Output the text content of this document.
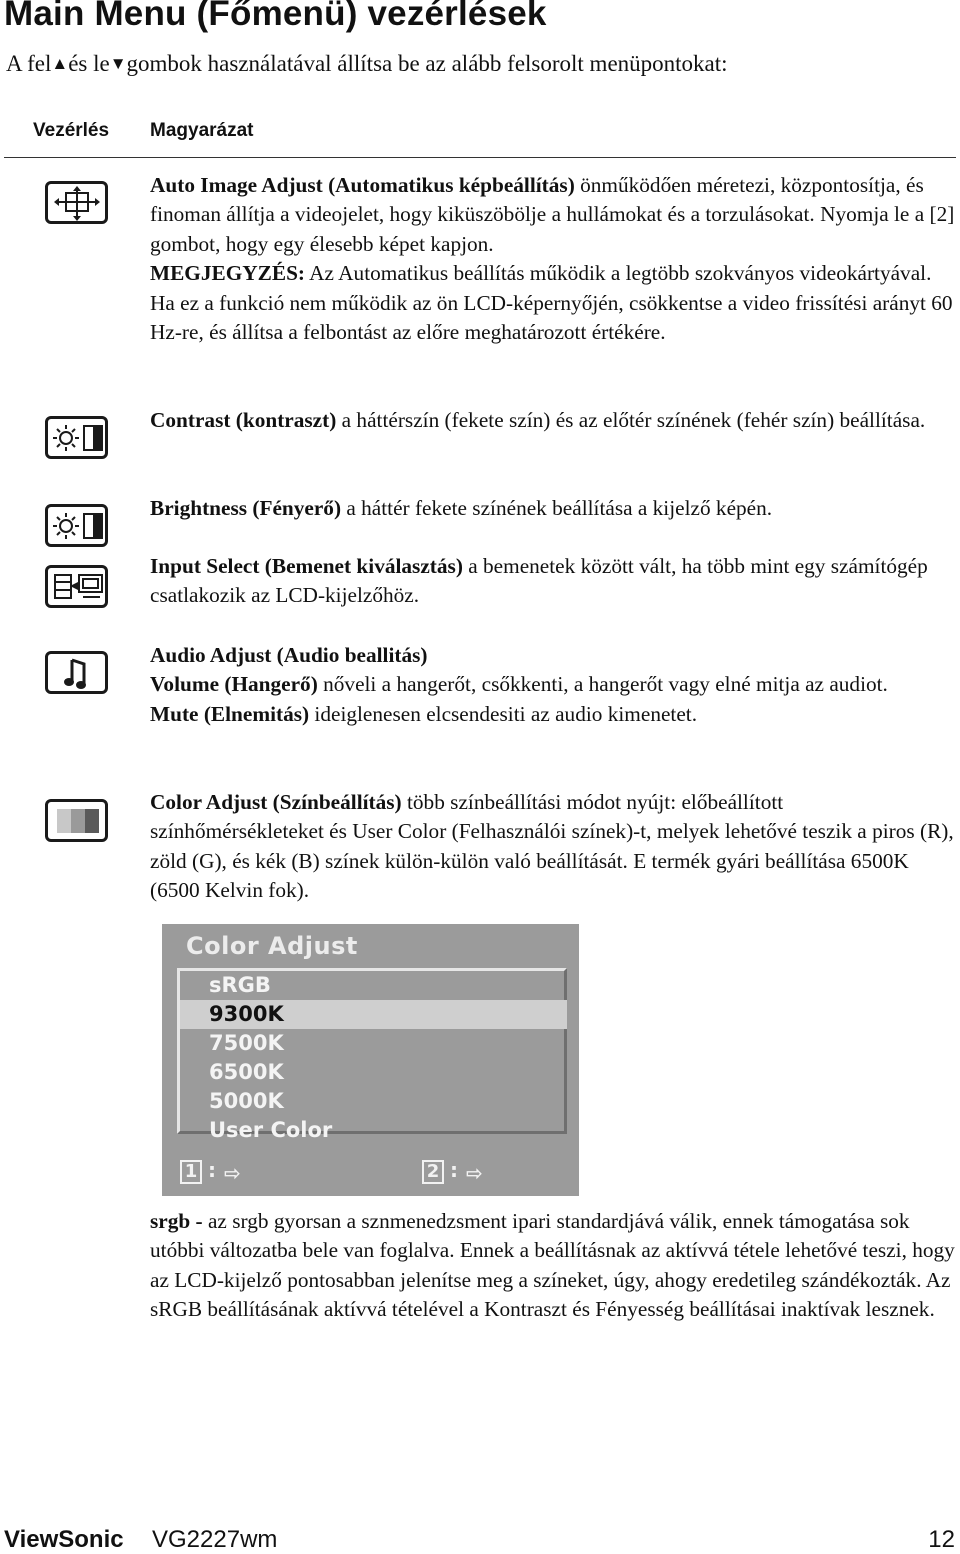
Main Menu (Főmenü) vezérlések
A fel▲és le▼gombok használatával állítsa be az alább felsorolt menüpontokat:
Vezérlés Magyarázat
Auto Image Adjust (Automatikus képbeállítás) önműködően méretezi, központosítja, és finoman állítja a videojelet, hogy kiküszöbölje a hullámokat és a torzulásokat. Nyomja le a [2] gombot, hogy egy élesebb képet kapjon.
MEGJEGYZÉS: Az Automatikus beállítás működik a legtöbb szokványos videokártyával. Ha ez a funkció nem működik az ön LCD-képernyőjén, csökkentse a video frissítési arányt 60 Hz-re, és állítsa a felbontást az előre meghatározott értékére.
Contrast (kontraszt) a háttérszín (fekete szín) és az előtér színének (fehér szín) beállítása.
Brightness (Fényerő) a háttér fekete színének beállítása a kijelző képén.
Input Select (Bemenet kiválasztás) a bemenetek között vált, ha több mint egy számítógép csatlakozik az LCD-kijelzőhöz.
Audio Adjust (Audio beallitás)
Volume (Hangerő) nőveli a hangerőt, csőkkenti, a hangerőt vagy elné mitja az audiot.
Mute (Elnemitás) ideiglenesen elcsendesiti az audio kimenetet.
Color Adjust (Színbeállítás) több színbeállítási módot nyújt: előbeállított színhőmérsékleteket és User Color (Felhasználói színek)-t, melyek lehetővé teszik a piros (R), zöld (G), és kék (B) színek külön-külön való beállítását. E termék gyári beállítása 6500K (6500 Kelvin fok).
Color Adjust
sRGB
9300K
7500K
6500K
5000K
User Color
1 : ⇨	2 : ⇨
srgb - az srgb gyorsan a sznmenedzsment ipari standardjává válik, ennek támogatása sok utóbbi változatba bele van foglalva. Ennek a beállításnak az aktívvá tétele lehetővé teszi, hogy az LCD-kijelző pontosabban jelenítse meg a színeket, úgy, ahogy eredetileg szándékozták. Az sRGB beállításának aktívvá tételével a Kontraszt és Fényesség beállításai inaktívak lesznek.
ViewSonic VG2227wm	12
